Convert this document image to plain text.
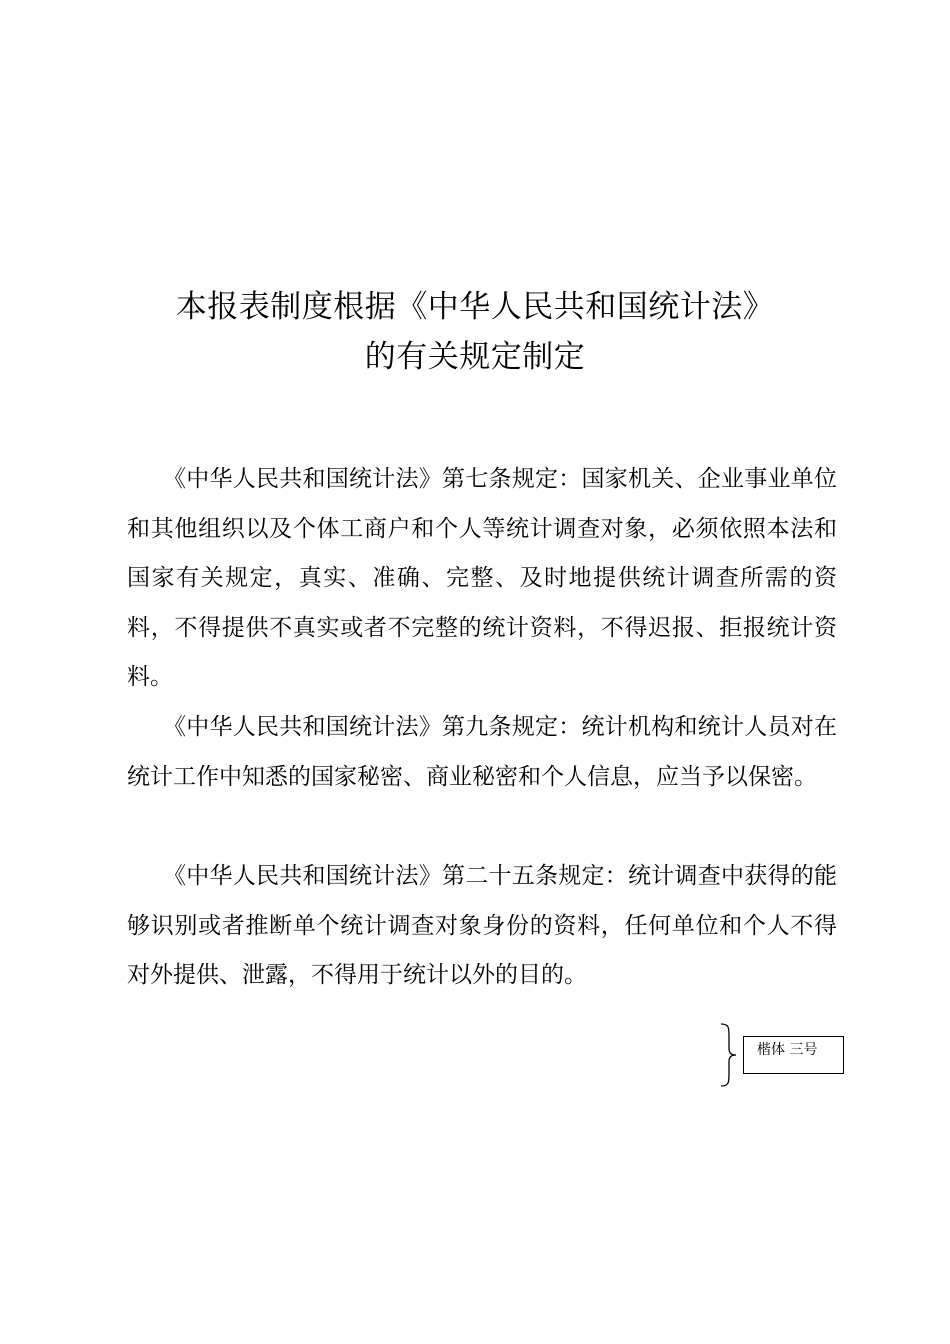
本报表制度根据《中华人民共和国统计法》
的有关规定制定

《中华人民共和国统计法》第七条规定：国家机关、企业事业单位和其他组织以及个体工商户和个人等统计调查对象，必须依照本法和国家有关规定，真实、准确、完整、及时地提供统计调查所需的资料，不得提供不真实或者不完整的统计资料，不得迟报、拒报统计资料。

《中华人民共和国统计法》第九条规定：统计机构和统计人员对在统计工作中知悉的国家秘密、商业秘密和个人信息，应当予以保密。

《中华人民共和国统计法》第二十五条规定：统计调查中获得的能够识别或者推断单个统计调查对象身份的资料，任何单位和个人不得对外提供、泄露，不得用于统计以外的目的。

楷体 三号
